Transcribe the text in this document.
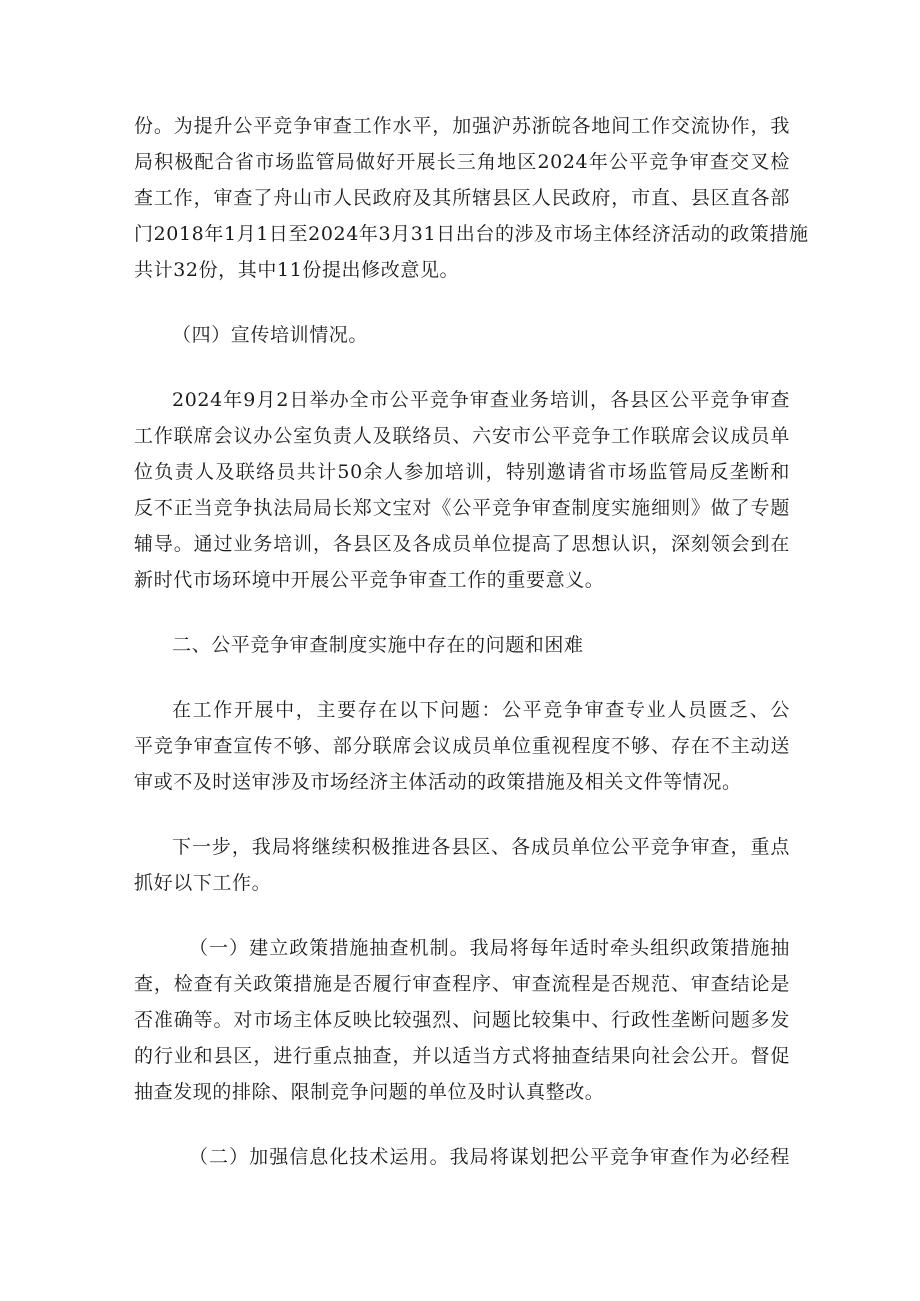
份。为提升公平竞争审查工作水平，加强沪苏浙皖各地间工作交流协作，我
局积极配合省市场监管局做好开展长三角地区2024年公平竞争审查交叉检
查工作，审查了舟山市人民政府及其所辖县区人民政府，市直、县区直各部
门2018年1月1日至2024年3月31日出台的涉及市场主体经济活动的政策措施
共计32份，其中11份提出修改意见。

（四）宣传培训情况。

2024年9月2日举办全市公平竞争审查业务培训，各县区公平竞争审查
工作联席会议办公室负责人及联络员、六安市公平竞争工作联席会议成员单
位负责人及联络员共计50余人参加培训，特别邀请省市场监管局反垄断和
反不正当竞争执法局局长郑文宝对《公平竞争审查制度实施细则》做了专题
辅导。通过业务培训，各县区及各成员单位提高了思想认识，深刻领会到在
新时代市场环境中开展公平竞争审查工作的重要意义。

二、公平竞争审查制度实施中存在的问题和困难

在工作开展中，主要存在以下问题：公平竞争审查专业人员匮乏、公
平竞争审查宣传不够、部分联席会议成员单位重视程度不够、存在不主动送
审或不及时送审涉及市场经济主体活动的政策措施及相关文件等情况。

下一步，我局将继续积极推进各县区、各成员单位公平竞争审查，重点
抓好以下工作。

（一）建立政策措施抽查机制。我局将每年适时牵头组织政策措施抽
查，检查有关政策措施是否履行审查程序、审查流程是否规范、审查结论是
否准确等。对市场主体反映比较强烈、问题比较集中、行政性垄断问题多发
的行业和县区，进行重点抽查，并以适当方式将抽查结果向社会公开。督促
抽查发现的排除、限制竞争问题的单位及时认真整改。

（二）加强信息化技术运用。我局将谋划把公平竞争审查作为必经程
